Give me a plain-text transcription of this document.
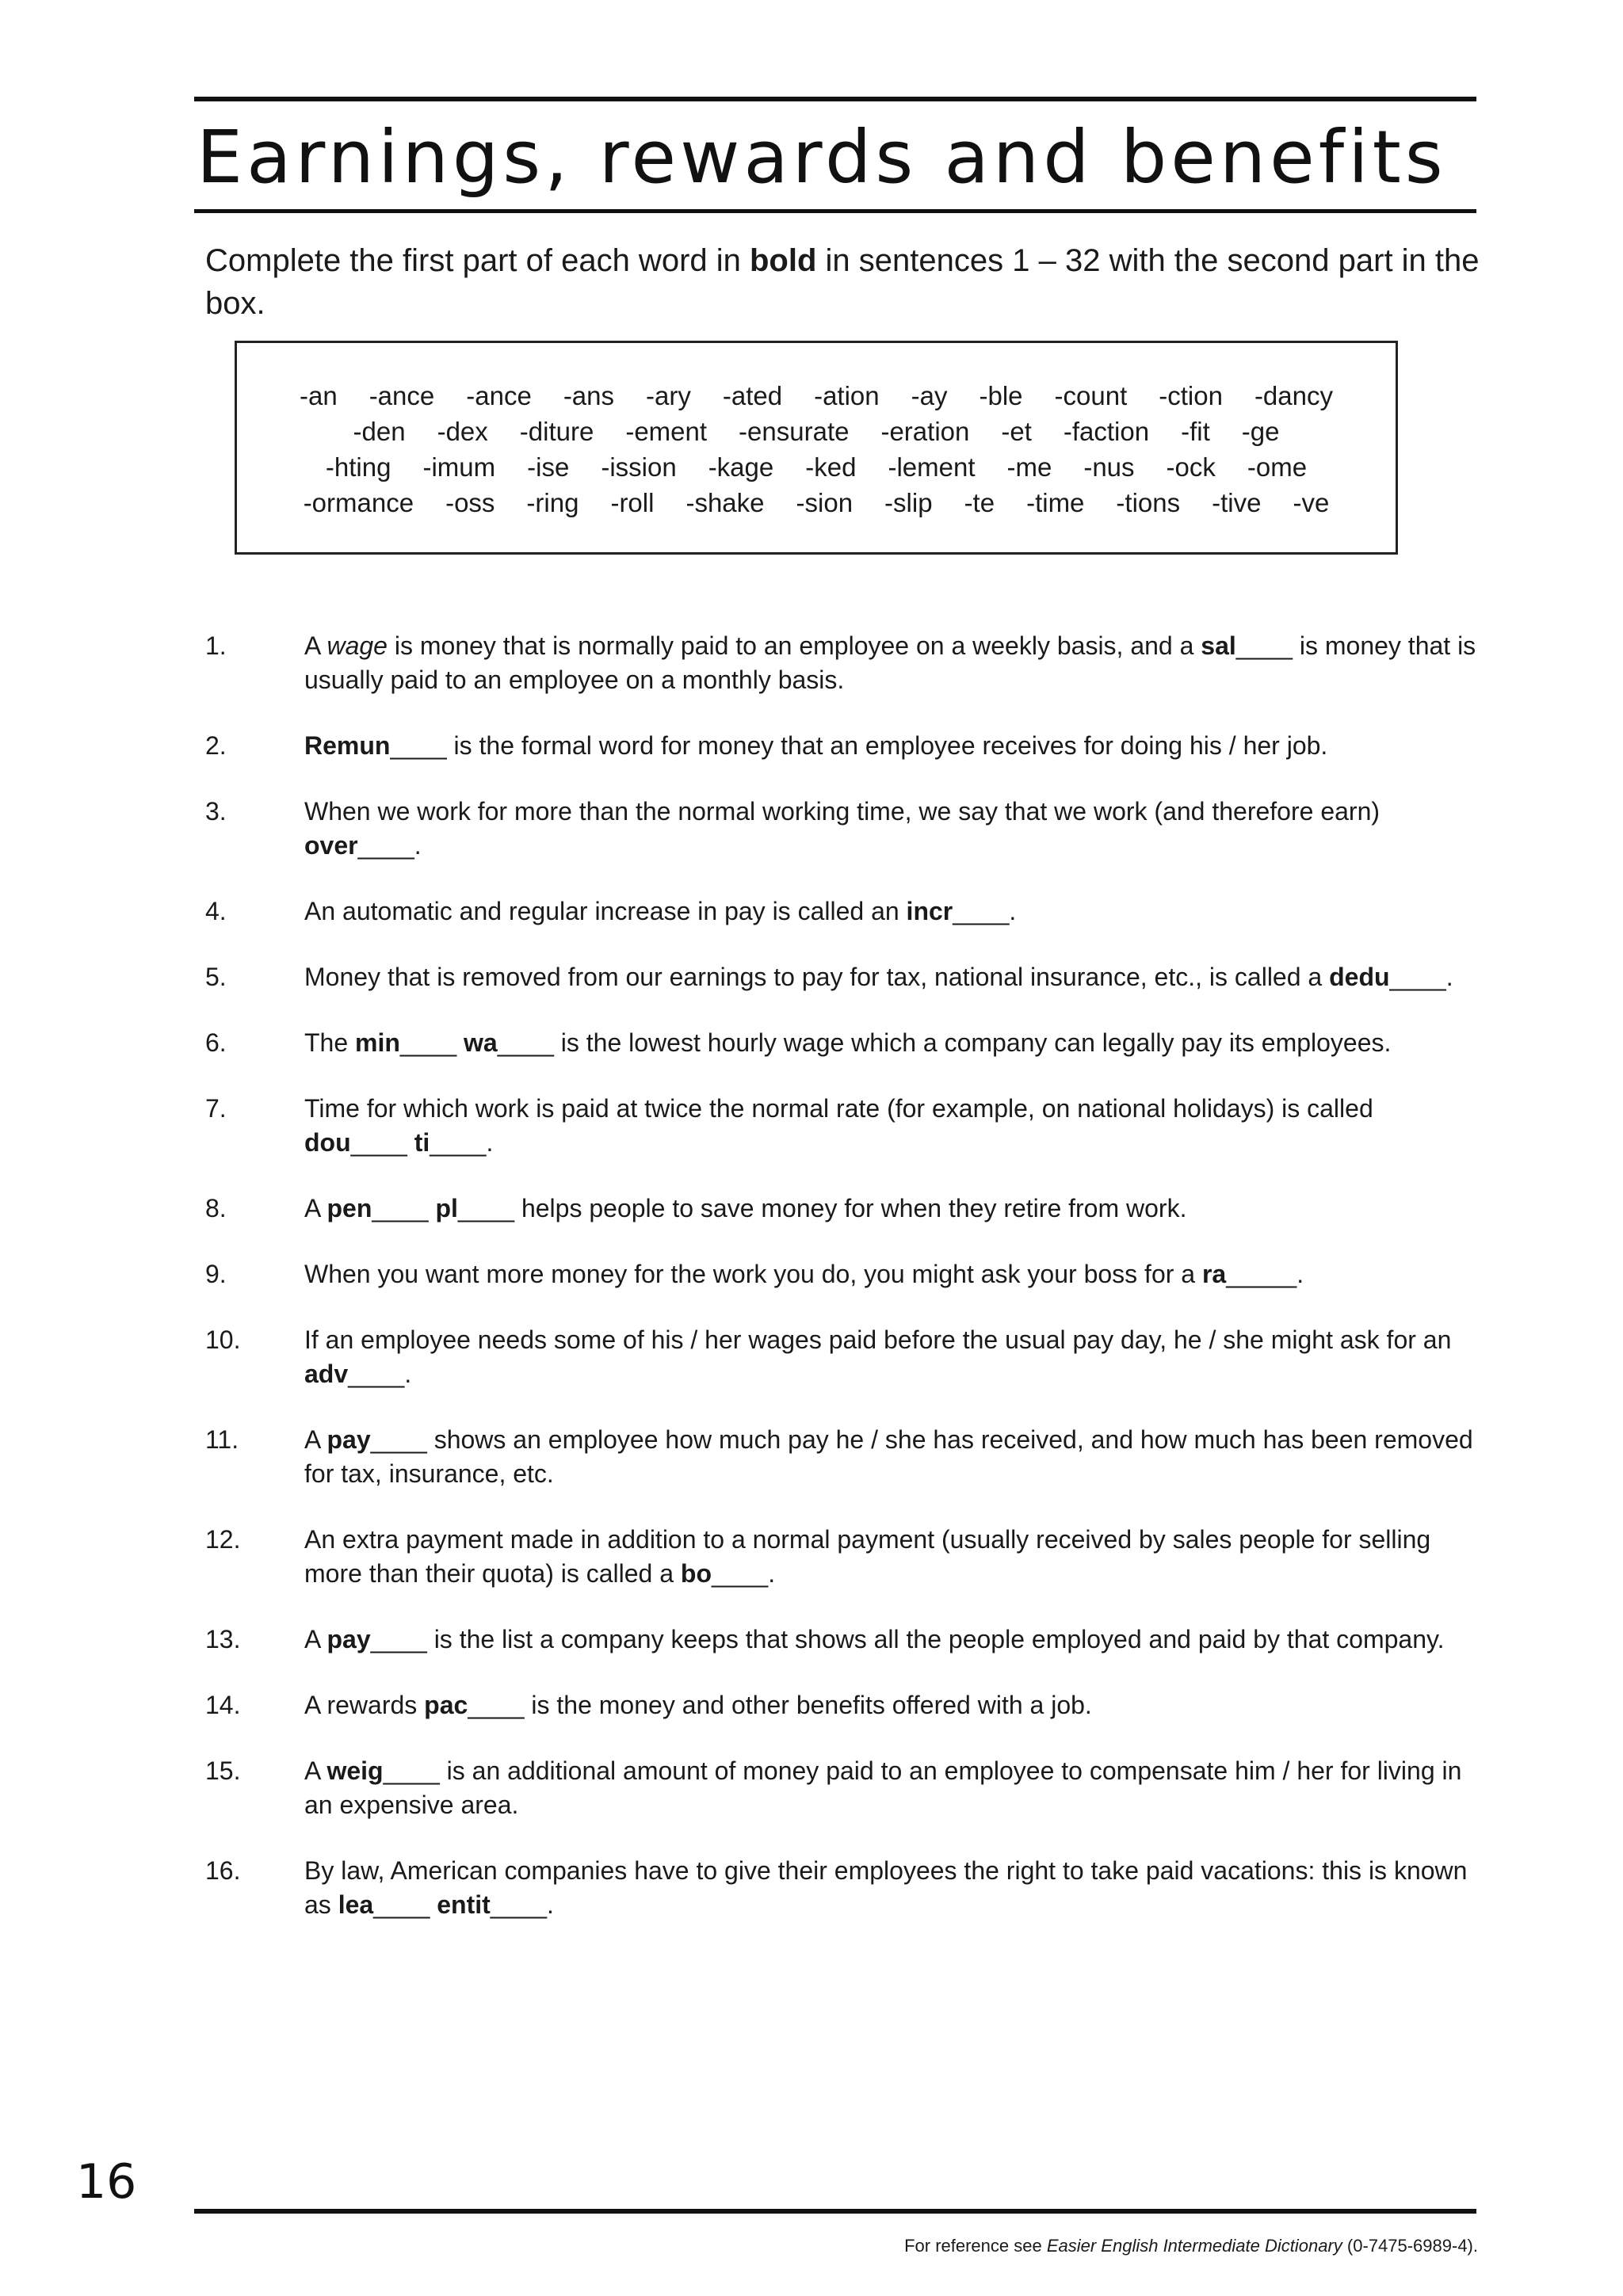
Earnings, rewards and benefits

Complete the first part of each word in bold in sentences 1 – 32 with the second part in the box.

-an	-ance	-ance	-ans	-ary	-ated	-ation	-ay	-ble	-count	-ction	-dancy
-den	-dex	-diture	-ement	-ensurate	-eration	-et	-faction	-fit	-ge
-hting	-imum	-ise	-ission	-kage	-ked	-lement	-me	-nus	-ock	-ome
-ormance	-oss	-ring	-roll	-shake	-sion	-slip	-te	-time	-tions	-tive	-ve
1.	A wage is money that is normally paid to an employee on a weekly basis, and a sal____ is money that is usually paid to an employee on a monthly basis.
2.	Remun____ is the formal word for money that an employee receives for doing his / her job.
3.	When we work for more than the normal working time, we say that we work (and therefore earn) over____.
4.	An automatic and regular increase in pay is called an incr____.
5.	Money that is removed from our earnings to pay for tax, national insurance, etc., is called a dedu____.
6.	The min____ wa____ is the lowest hourly wage which a company can legally pay its employees.
7.	Time for which work is paid at twice the normal rate (for example, on national holidays) is called dou____ ti____.
8.	A pen____ pl____ helps people to save money for when they retire from work.
9.	When you want more money for the work you do, you might ask your boss for a ra_____.
10.	If an employee needs some of his / her wages paid before the usual pay day, he / she might ask for an adv____.
11.	A pay____ shows an employee how much pay he / she has received, and how much has been removed for tax, insurance, etc.
12.	An extra payment made in addition to a normal payment (usually received by sales people for selling more than their quota) is called a bo____.
13.	A pay____ is the list a company keeps that shows all the people employed and paid by that company.
14.	A rewards pac____ is the money and other benefits offered with a job.
15.	A weig____ is an additional amount of money paid to an employee to compensate him / her for living in an expensive area.
16.	By law, American companies have to give their employees the right to take paid vacations: this is known as lea____ entit____.
16
For reference see Easier English Intermediate Dictionary (0-7475-6989-4).
